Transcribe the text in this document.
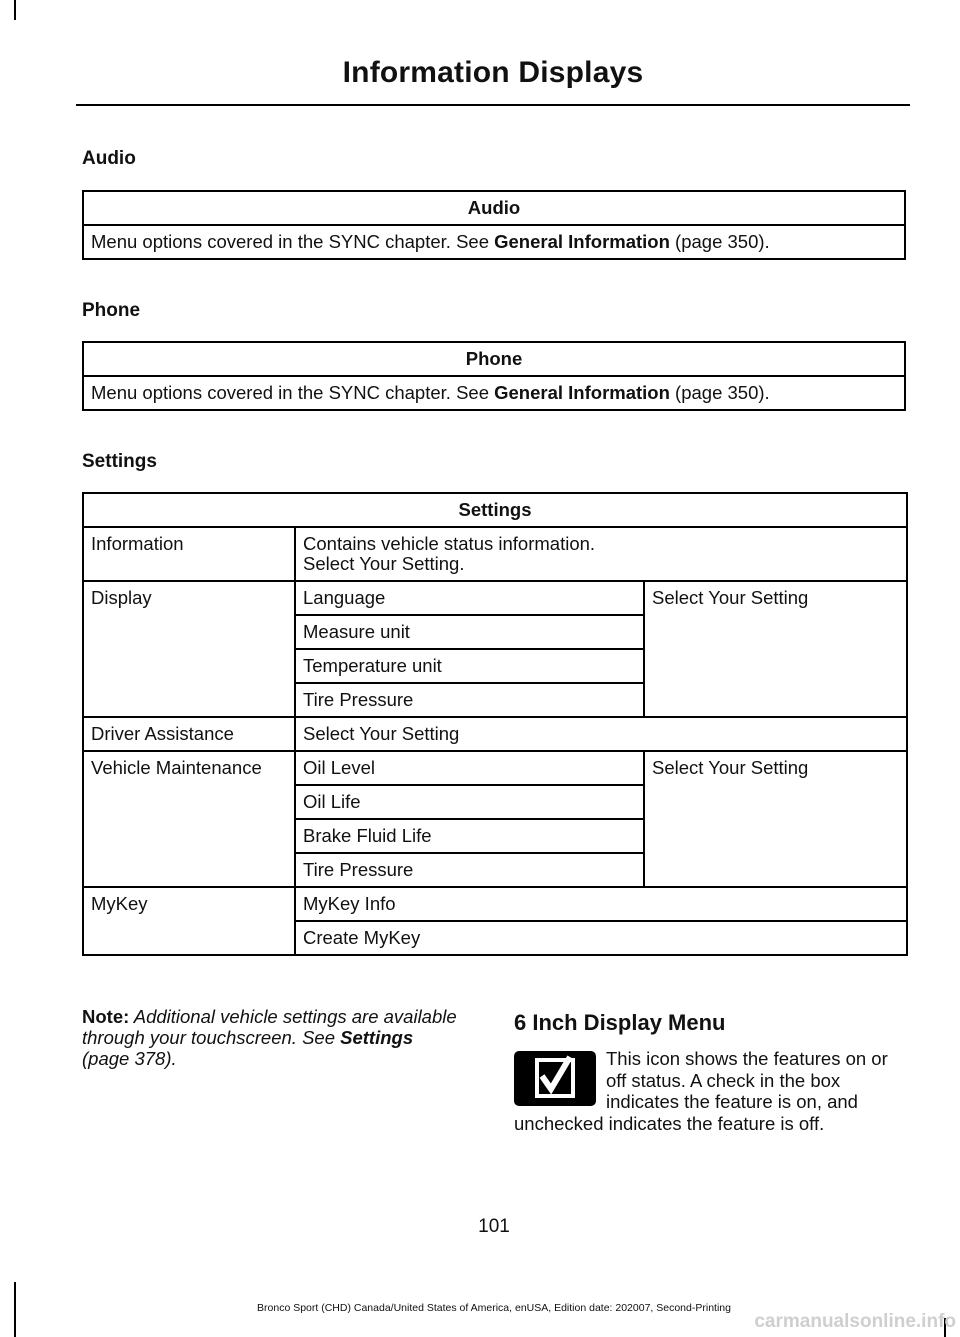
Information Displays
Audio
Audio
Menu options covered in the SYNC chapter. See General Information (page 350).
Phone
Phone
Menu options covered in the SYNC chapter. See General Information (page 350).
Settings
Settings		
Information	Contains vehicle status information.
Select Your Setting.	

Display	Language	Select Your Setting
	Measure unit	
	Temperature unit	
	Tire Pressure	
Driver Assistance	Select Your Setting	
Vehicle Maintenance	Oil Level	Select Your Setting
	Oil Life	
	Brake Fluid Life	
	Tire Pressure	
MyKey	MyKey Info	
	Create MyKey	
Note: Additional vehicle settings are available through your touchscreen. See Settings (page 378).
6 Inch Display Menu
This icon shows the features on or off status. A check in the box indicates the feature is on, and unchecked indicates the feature is off.
101
Bronco Sport (CHD) Canada/United States of America, enUSA, Edition date: 202007, Second-Printing
carmanualsonline.info
